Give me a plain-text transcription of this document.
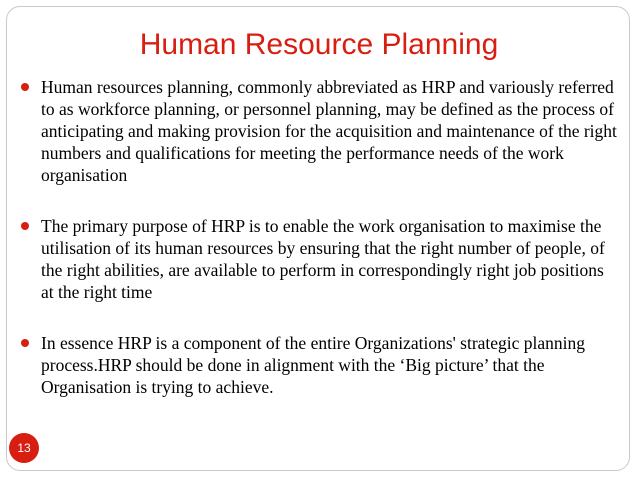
Human Resource Planning
Human resources planning, commonly abbreviated as HRP and variously referred to as workforce planning, or personnel planning, may be defined as the process of anticipating and making provision for the acquisition and maintenance of the right numbers and qualifications for meeting the performance needs of the work organisation
The primary purpose of HRP is to enable the work organisation to maximise the utilisation of its human resources by ensuring that the right number of people, of the right abilities, are available to perform in correspondingly right job positions at the right time
In essence HRP is a component of the entire Organizations' strategic planning process.HRP should be done in alignment with the ‘Big picture’ that the Organisation is trying to achieve.
13
